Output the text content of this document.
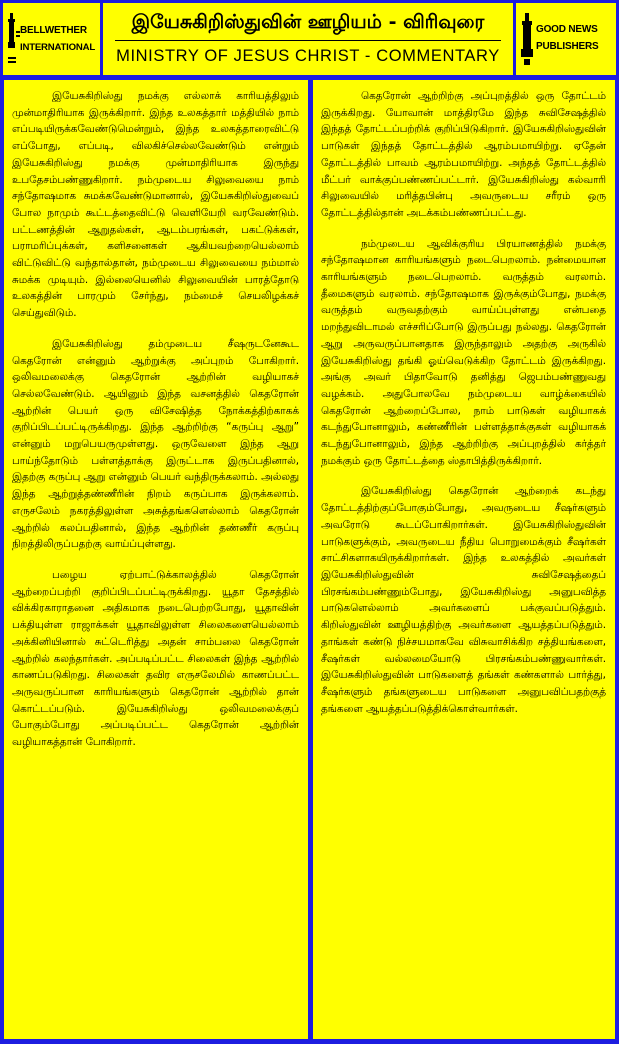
BELLWETHER
INTERNATIONAL
இயேசுகிறிஸ்துவின் ஊழியம் - விரிவுரை
MINISTRY OF JESUS CHRIST - COMMENTARY
GOOD NEWS
PUBLISHERS

இயேசுகிறிஸ்து நமக்கு எல்லாக் காரியத்திலும் முன்மாதிரியாக இருக்கிறார். இந்த உலகத்தார் மத்தியில் நாம் எப்படியிருக்கவேண்டுமென்றும், இந்த உலகத்தாரைவிட்டு எப்போது, எப்படி, விலகிச்செல்லவேண்டும் என்றும் இயேசுகிறிஸ்து நமக்கு முன்மாதிரியாக இருந்து உபதேசம்பண்ணுகிறார். நம்முடைய சிலுவையை நாம் சந்தோஷமாக சுமக்கவேண்டுமானால், இயேசுகிறிஸ்துவைப் போல நாமும் கூட்டத்தைவிட்டு வெளியேறி வரவேண்டும். பட்டணத்தின் ஆறுதல்கள், ஆடம்பரங்கள், பகட்டுக்கள், பராமரிப்புக்கள், களிசனைகள் ஆகியவற்றையெல்லாம் விட்டுவிட்டு வந்தால்தான், நம்முடைய சிலுவையை நம்மால் சுமக்க முடியும். இல்லையெனில் சிலுவையின் பாரத்தோடு உலகத்தின் பாரமும் சேர்ந்து, நம்மைச் செயலிழக்கச் செய்துவிடும்.

இயேசுகிறிஸ்து தம்முடைய சீஷருடனேகூட கெதரோன் என்னும் ஆற்றுக்கு அப்புறம் போகிறார். ஒலிவமலைக்கு கெதரோன் ஆற்றின் வழியாகச் செல்லவேண்டும். ஆயினும் இந்த வசனத்தில் கெதரோன் ஆற்றின் பெயர் ஒரு விசேஷித்த நோக்கத்திற்காகக் குறிப்பிடப்பட்டிருக்கிறது. இந்த ஆற்றிற்கு “கருப்பு ஆறு” என்னும் மறுபெயருமுள்ளது. ஒருவேளை இந்த ஆறு பாய்ந்தோடும் பள்ளத்தாக்கு இருட்டாக இருப்பதினால், இதற்கு கருப்பு ஆறு என்னும் பெயர் வந்திருக்கலாம். அல்லது இந்த ஆற்றுத்தண்ணீரின் நிறம் கருப்பாக இருக்கலாம். எருசலேம் நகரத்திலுள்ள அசுத்தங்களெல்லாம் கெதரோன் ஆற்றில் கலப்பதினால், இந்த ஆற்றின் தண்ணீர் கருப்பு நிறத்திலிருப்பதற்கு வாய்ப்புள்ளது.

பழைய ஏற்பாட்டுக்காலத்தில் கெதரோன் ஆற்றைப்பற்றி குறிப்பிடப்பட்டிருக்கிறது. யூதா தேசத்தில் விக்கிரகாராதனை அதிகமாக நடைபெற்றபோது, யூதாவின் பக்தியுள்ள ராஜாக்கள் யூதாவிலுள்ள சிலைகளையெல்லாம் அக்கினியினால் சுட்டெரித்து அதன் சாம்பலை கெதரோன் ஆற்றில் கலந்தார்கள். அப்படிப்பட்ட சிலைகள் இந்த ஆற்றில் காணப்படுகிறது. சிலைகள் தவிர எருசலேமில் காணப்பட்ட அருவருப்பான காரியங்களும் கெதரோன் ஆற்றில் தான் கொட்டப்படும். இயேசுகிறிஸ்து ஒலிவமலைக்குப் போகும்போது அப்படிப்பட்ட கெதரோன் ஆற்றின் வழியாகத்தான் போகிறார்.

கெதரோன் ஆற்றிற்கு அப்புறத்தில் ஒரு தோட்டம் இருக்கிறது. யோவான் மாத்திரமே இந்த சுவிசேஷத்தில் இந்தத் தோட்டப்பற்றிக் குறிப்பிடுகிறார். இயேசுகிறிஸ்துவின் பாடுகள் இந்தத் தோட்டத்தில் ஆரம்பமாயிற்று. ஏதேன் தோட்டத்தில் பாவம் ஆரம்பமாயிற்று. அந்தத் தோட்டத்தில் மீட்பர் வாக்குப்பண்ணப்பட்டார். இயேசுகிறிஸ்து கல்வாரி சிலுவையில் மரித்தபின்பு அவருடைய சரீரம் ஒரு தோட்டத்தில்தான் அடக்கம்பண்ணப்பட்டது.

நம்முடைய ஆவிக்குரிய பிரயாணத்தில் நமக்கு சந்தோஷமான காரியங்களும் நடைபெறலாம். நன்மையான காரியங்களும் நடைபெறலாம். வருத்தம் வரலாம். தீமைகளும் வரலாம். சந்தோஷமாக இருக்கும்போது, நமக்கு வருத்தம் வருவதற்கும் வாய்ப்புள்ளது என்பதை மறந்துவிடாமல் எச்சரிப்போடு இருப்பது நல்லது. கெதரோன் ஆறு அருவருப்பானதாக இருந்தாலும் அதற்கு அருகில் இயேசுகிறிஸ்து தங்கி ஓய்வெடுக்கிற தோட்டம் இருக்கிறது. அங்கு அவர் பிதாவோடு தனித்து ஜெபம்பண்ணுவது வழக்கம். அதுபோலவே நம்முடைய வாழ்க்கையில் கெதரோன் ஆற்றைப்போல, நாம் பாடுகள் வழியாகக் கடந்துபோனாலும், கண்ணீரின் பள்ளத்தாக்குகள் வழியாகக் கடந்துபோனாலும், இந்த ஆற்றிற்கு அப்புறத்தில் கர்த்தர் நமக்கும் ஒரு தோட்டத்தை ஸ்தாபித்திருக்கிறார்.

இயேசுகிறிஸ்து கெதரோன் ஆற்றைக் கடந்து தோட்டத்திற்குப்போகும்போது, அவருடைய சீஷர்களும் அவரோடு கூடப்போகிறார்கள். இயேசுகிறிஸ்துவின் பாடுகளுக்கும், அவருடைய நீதிய பொறுமைக்கும் சீஷர்கள் சாட்சிகளாகயிருக்கிறார்கள். இந்த உலகத்தில் அவர்கள் இயேசுகிறிஸ்துவின் சுவிசேஷத்தைப் பிரசங்கம்பண்ணும்போது, இயேசுகிறிஸ்து அனுபவித்த பாடுகளெல்லாம் அவர்களைப் பக்குவப்படுத்தும். கிறிஸ்துவின் ஊழியத்திற்கு அவர்களை ஆயத்தப்படுத்தும். தாங்கள் கண்டு நிச்சயமாகவே விசுவாசிக்கிற சத்தியங்களை, சீஷர்கள் வல்லமையோடு பிரசங்கம்பண்ணுவார்கள். இயேசுகிறிஸ்துவின் பாடுகளைத் தங்கள் கண்களால் பார்த்து, சீஷர்களும் தங்களுடைய பாடுகளை அனுபவிப்பதற்குத் தங்களை ஆயத்தப்படுத்திக்கொள்வார்கள்.
